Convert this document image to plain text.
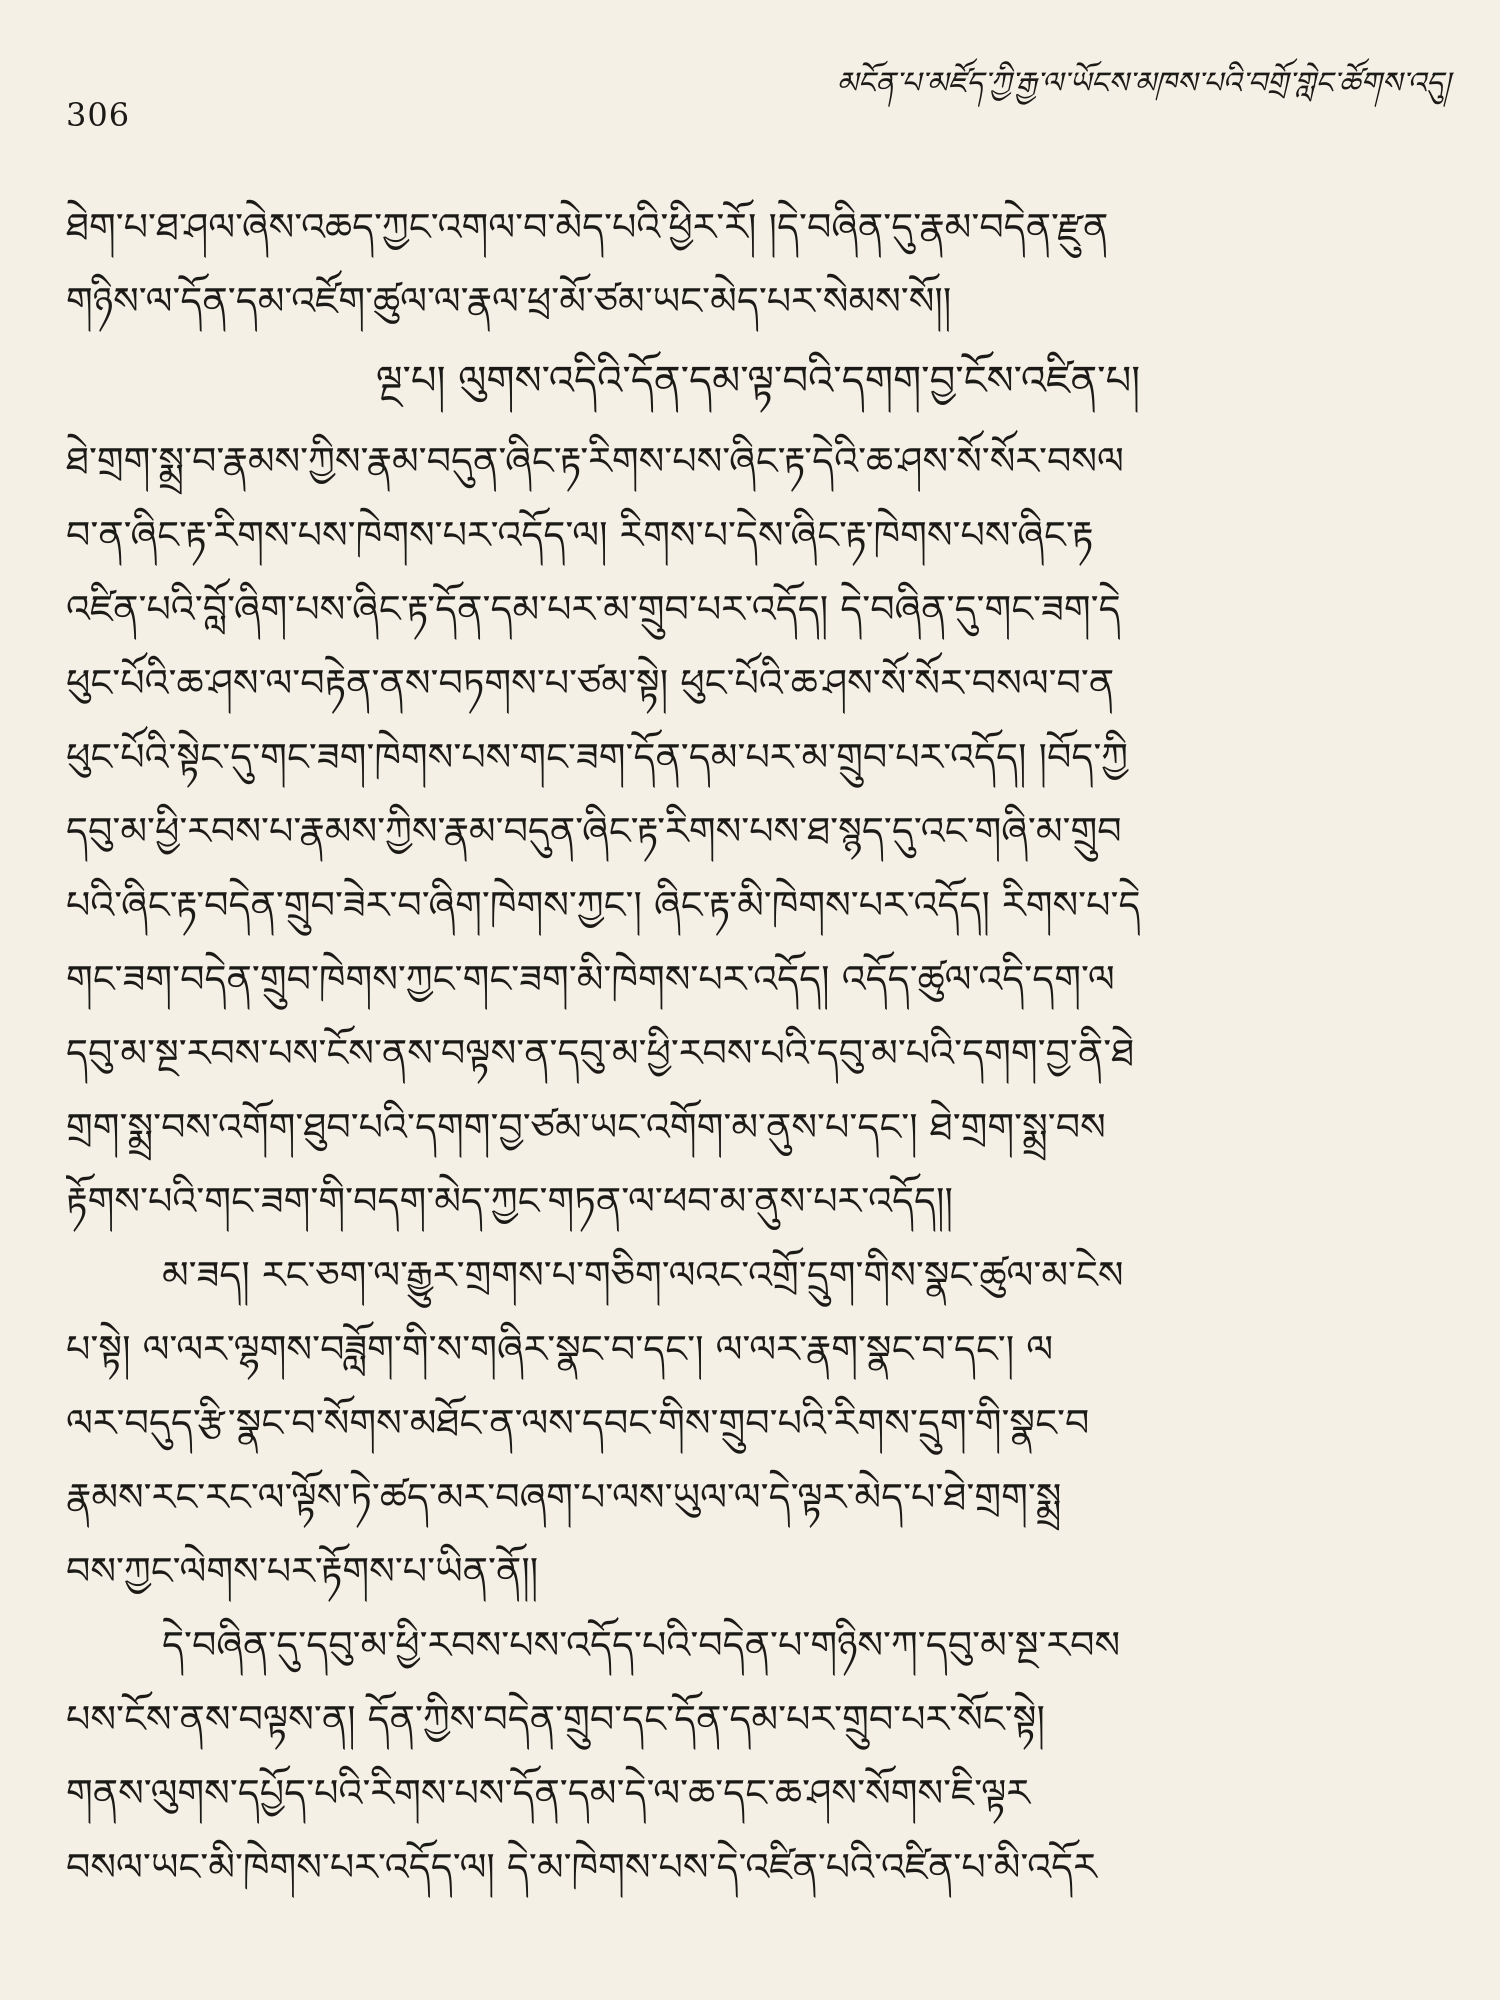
306
མངོན་པ་མཛོད་ཀྱི་རྒྱ་ལ་ཡོངས་མཁས་པའི་བགྲོ་གླེང་ཚོགས་འདུ།
ཐེག་པ་ཐ་ཤལ་ཞེས་འཆད་ཀྱང་འགལ་བ་མེད་པའི་ཕྱིར་རོ། །དེ་བཞིན་དུ་རྣམ་བདེན་རྫུན
གཉིས་ལ་དོན་དམ་འཛོག་ཚུལ་ལ་རྣལ་ཕྲ་མོ་ཙམ་ཡང་མེད་པར་སེམས་སོ།།
ལྔ་པ། ལུགས་འདིའི་དོན་དམ་ལྟ་བའི་དགག་བྱ་ངོས་འཛིན་པ།
ཐེ་གྲག་སྨྲ་བ་རྣམས་ཀྱིས་རྣམ་བདུན་ཞིང་རྟ་རིགས་པས་ཞིང་རྟ་དེའི་ཆ་ཤས་སོ་སོར་བསལ
བ་ན་ཞིང་རྟ་རིགས་པས་ཁེགས་པར་འདོད་ལ། རིགས་པ་དེས་ཞིང་རྟ་ཁེགས་པས་ཞིང་རྟ
འཛིན་པའི་བློ་ཞིག་པས་ཞིང་རྟ་དོན་དམ་པར་མ་གྲུབ་པར་འདོད། དེ་བཞིན་དུ་གང་ཟག་དེ
ཕུང་པོའི་ཆ་ཤས་ལ་བརྟེན་ནས་བཏགས་པ་ཙམ་སྟེ། ཕུང་པོའི་ཆ་ཤས་སོ་སོར་བསལ་བ་ན
ཕུང་པོའི་སྟེང་དུ་གང་ཟག་ཁེགས་པས་གང་ཟག་དོན་དམ་པར་མ་གྲུབ་པར་འདོད། །བོད་ཀྱི
དབུ་མ་ཕྱི་རབས་པ་རྣམས་ཀྱིས་རྣམ་བདུན་ཞིང་རྟ་རིགས་པས་ཐ་སྙད་དུ་འང་གཞི་མ་གྲུབ
པའི་ཞིང་རྟ་བདེན་གྲུབ་ཟེར་བ་ཞིག་ཁེགས་ཀྱང་། ཞིང་རྟ་མི་ཁེགས་པར་འདོད། རིགས་པ་དེ
གང་ཟག་བདེན་གྲུབ་ཁེགས་ཀྱང་གང་ཟག་མི་ཁེགས་པར་འདོད། འདོད་ཚུལ་འདི་དག་ལ
དབུ་མ་སྔ་རབས་པས་ངོས་ནས་བལྟས་ན་དབུ་མ་ཕྱི་རབས་པའི་དབུ་མ་པའི་དགག་བྱ་ནི་ཐེ
གྲག་སྨྲ་བས་འགོག་ཐུབ་པའི་དགག་བྱ་ཙམ་ཡང་འགོག་མ་ནུས་པ་དང་། ཐེ་གྲག་སྨྲ་བས
རྟོགས་པའི་གང་ཟག་གི་བདག་མེད་ཀྱང་གཏན་ལ་ཕབ་མ་ནུས་པར་འདོད།།
མ་ཟད། རང་ཅག་ལ་རྒྱུར་གྲགས་པ་གཅིག་ལའང་འགྲོ་དྲུག་གིས་སྣང་ཚུལ་མ་ངེས
པ་སྟེ། ལ་ལར་ལྷགས་བཟློག་གི་ས་གཞིར་སྣང་བ་དང་། ལ་ལར་རྣག་སྣང་བ་དང་། ལ
ལར་བདུད་རྩི་སྣང་བ་སོགས་མཐོང་ན་ལས་དབང་གིས་གྲུབ་པའི་རིགས་དྲུག་གི་སྣང་བ
རྣམས་རང་རང་ལ་ལྟོས་ཏེ་ཚད་མར་བཞག་པ་ལས་ཡུལ་ལ་དེ་ལྟར་མེད་པ་ཐེ་གྲག་སྨྲ
བས་ཀྱང་ལེགས་པར་རྟོགས་པ་ཡིན་ནོ།།
དེ་བཞིན་དུ་དབུ་མ་ཕྱི་རབས་པས་འདོད་པའི་བདེན་པ་གཉིས་ཀ་དབུ་མ་སྔ་རབས
པས་ངོས་ནས་བལྟས་ན། དོན་ཀྱིས་བདེན་གྲུབ་དང་དོན་དམ་པར་གྲུབ་པར་སོང་སྟེ།
གནས་ལུགས་དཔྱོད་པའི་རིགས་པས་དོན་དམ་དེ་ལ་ཆ་དང་ཆ་ཤས་སོགས་ཇི་ལྟར
བསལ་ཡང་མི་ཁེགས་པར་འདོད་ལ། དེ་མ་ཁེགས་པས་དེ་འཛིན་པའི་འཛིན་པ་མི་འདོར
